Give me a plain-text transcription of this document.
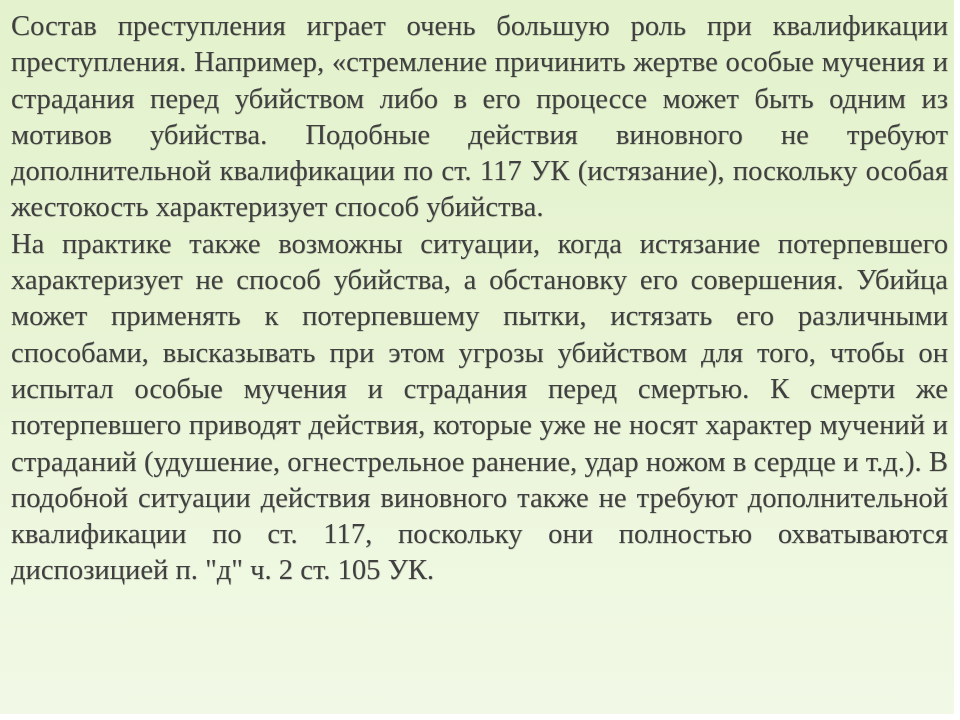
Состав преступления играет очень большую роль при квалификации преступления. Например, «стремление причинить жертве особые мучения и страдания перед убийством либо в его процессе может быть одним из мотивов убийства. Подобные действия виновного не требуют дополнительной квалификации по ст. 117 УК (истязание), поскольку особая жестокость характеризует способ убийства.

На практике также возможны ситуации, когда истязание потерпевшего характеризует не способ убийства, а обстановку его совершения. Убийца может применять к потерпевшему пытки, истязать его различными способами, высказывать при этом угрозы убийством для того, чтобы он испытал особые мучения и страдания перед смертью. К смерти же потерпевшего приводят действия, которые уже не носят характер мучений и страданий (удушение, огнестрельное ранение, удар ножом в сердце и т.д.). В подобной ситуации действия виновного также не требуют дополнительной квалификации по ст. 117, поскольку они полностью охватываются диспозицией п. "д" ч. 2 ст. 105 УК.
